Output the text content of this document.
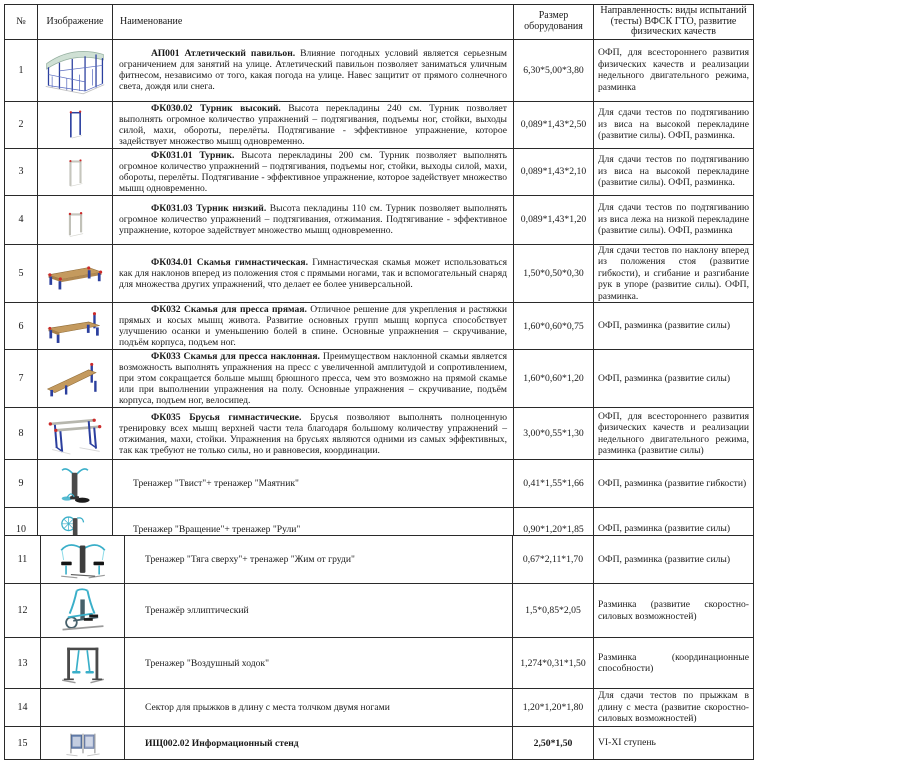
№	Изображение	Наименование	Размер оборудования	Направленность: виды испытаний (тесты) ВФСК ГТО, развитие физических качеств
1		АП001 Атлетический павильон. Влияние погодных условий является серьезным ограничением для занятий на улице. Атлетический павильон позволяет заниматься уличным фитнесом, независимо от того, какая погода на улице. Навес защитит от прямого солнечного света, дождя или снега.	6,30*5,00*3,80	ОФП, для всестороннего развития физических качеств и реализации недельного двигательного режима, разминка
2		ФК030.02 Турник высокий. Высота перекладины 240 см. Турник позволяет выполнять огромное количество упражнений – подтягивания, подъемы ног, стойки, выходы силой, махи, обороты, перелёты. Подтягивание - эффективное упражнение, которое задействует множество мышц одновременно.	0,089*1,43*2,50	Для сдачи тестов по подтягиванию из виса на высокой перекладине (развитие силы). ОФП, разминка.
3		ФК031.01 Турник. Высота перекладины 200 см. Турник позволяет выполнять огромное количество упражнений – подтягивания, подъемы ног, стойки, выходы силой, махи, обороты, перелёты. Подтягивание - эффективное упражнение, которое задействует множество мышц одновременно.	0,089*1,43*2,10	Для сдачи тестов по подтягиванию из виса на высокой перекладине (развитие силы). ОФП, разминка.
4		ФК031.03 Турник низкий. Высота пекладины 110 см. Турник позволяет выполнять огромное количество упражнений – подтягивания, отжимания. Подтягивание - эффективное упражнение, которое задействует множество мышц одновременно.	0,089*1,43*1,20	Для сдачи тестов по подтягиванию из виса лежа на низкой перекладине (развитие силы). ОФП, разминка
5		ФК034.01 Скамья гимнастическая. Гимнастическая скамья может использоваться как для наклонов вперед из положения стоя с прямыми ногами, так и вспомогательный снаряд для множества других упражнений, что делает ее более универсальной.	1,50*0,50*0,30	Для сдачи тестов по наклону вперед из положения стоя (развитие гибкости), и сгибание и разгибание рук в упоре (развитие силы). ОФП, разминка.
6		ФК032 Скамья для пресса прямая. Отличное решение для укрепления и растяжки прямых и косых мышц живота. Развитие основных групп мышц корпуса способствует улучшению осанки и уменьшению болей в спине. Основные упражнения – скручивание, подъём корпуса, подъем ног.	1,60*0,60*0,75	ОФП, разминка (развитие силы)
7		ФК033 Скамья для пресса наклонная. Преимуществом наклонной скамьи является возможность выполнять упражнения на пресс с увеличенной амплитудой и сопротивлением, при этом сокращается больше мышц брюшного пресса, чем это возможно на прямой скамье или при выполнении упражнения на полу. Основные упражнения – скручивание, подъём корпуса, подъем ног, велосипед.	1,60*0,60*1,20	ОФП, разминка (развитие силы)
8		ФК035 Брусья гимнастические. Брусья позволяют выполнять полноценную тренировку всех мышц верхней части тела благодаря большому количеству упражнений – отжимания, махи, стойки. Упражнения на брусьях являются одними из самых эффективных, так как требуют не только силы, но и равновесия, координации.	3,00*0,55*1,30	ОФП, для всестороннего развития физических качеств и реализации недельного двигательного режима, разминка (развитие силы)
9		Тренажер "Твист"+ тренажер "Маятник"	0,41*1,55*1,66	ОФП, разминка (развитие гибкости)
10		Тренажер "Вращение"+ тренажер "Рули"	0,90*1,20*1,85	ОФП, разминка (развитие силы)
11		Тренажер "Тяга сверху"+ тренажер "Жим от груди"	0,67*2,11*1,70	ОФП, разминка (развитие силы)
12		Тренажёр эллиптический	1,5*0,85*2,05	Разминка (развитие скоростно-силовых возможностей)
13		Тренажер "Воздушный ходок"	1,274*0,31*1,50	Разминка (координационные способности)
14		Сектор для прыжков в длину с места толчком двумя ногами	1,20*1,20*1,80	Для сдачи тестов по прыжкам в длину с места (развитие скоростно-силовых возможностей)
15		ИЩ002.02 Информационный стенд	2,50*1,50	VI-XI ступень
